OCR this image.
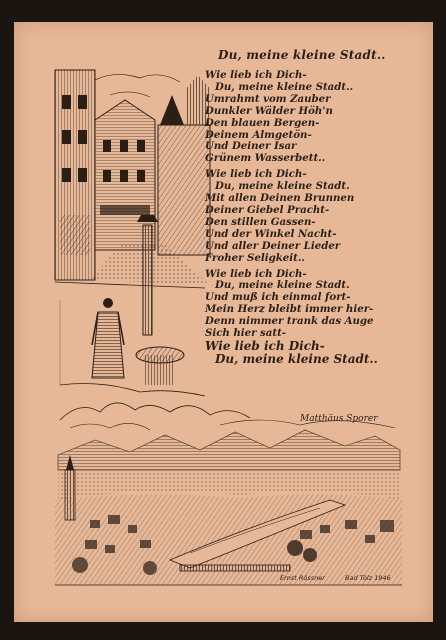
Du, meine kleine Stadt..
Wie lieb ich Dich-
Du, meine kleine Stadt..
Umrahmt vom Zauber
Dunkler Wälder Höh'n
Den blauen Bergen-
Deinem Almgetön-
Und Deiner Isar
Grünem Wasserbett..
Wie lieb ich Dich-
Du, meine kleine Stadt.
Mit allen Deinen Brunnen
Deiner Giebel Pracht-
Den stillen Gassen-
Und der Winkel Nacht-
Und aller Deiner Lieder
Froher Seligkeit..
Wie lieb ich Dich-
Du, meine kleine Stadt.
Und muß ich einmal fort-
Mein Herz bleibt immer hier-
Denn nimmer trank das Auge
Sich hier satt-
Wie lieb ich Dich-
Du, meine kleine Stadt..
Matthäus Sporer
Ernst Rössner	Bad Tölz 1946
